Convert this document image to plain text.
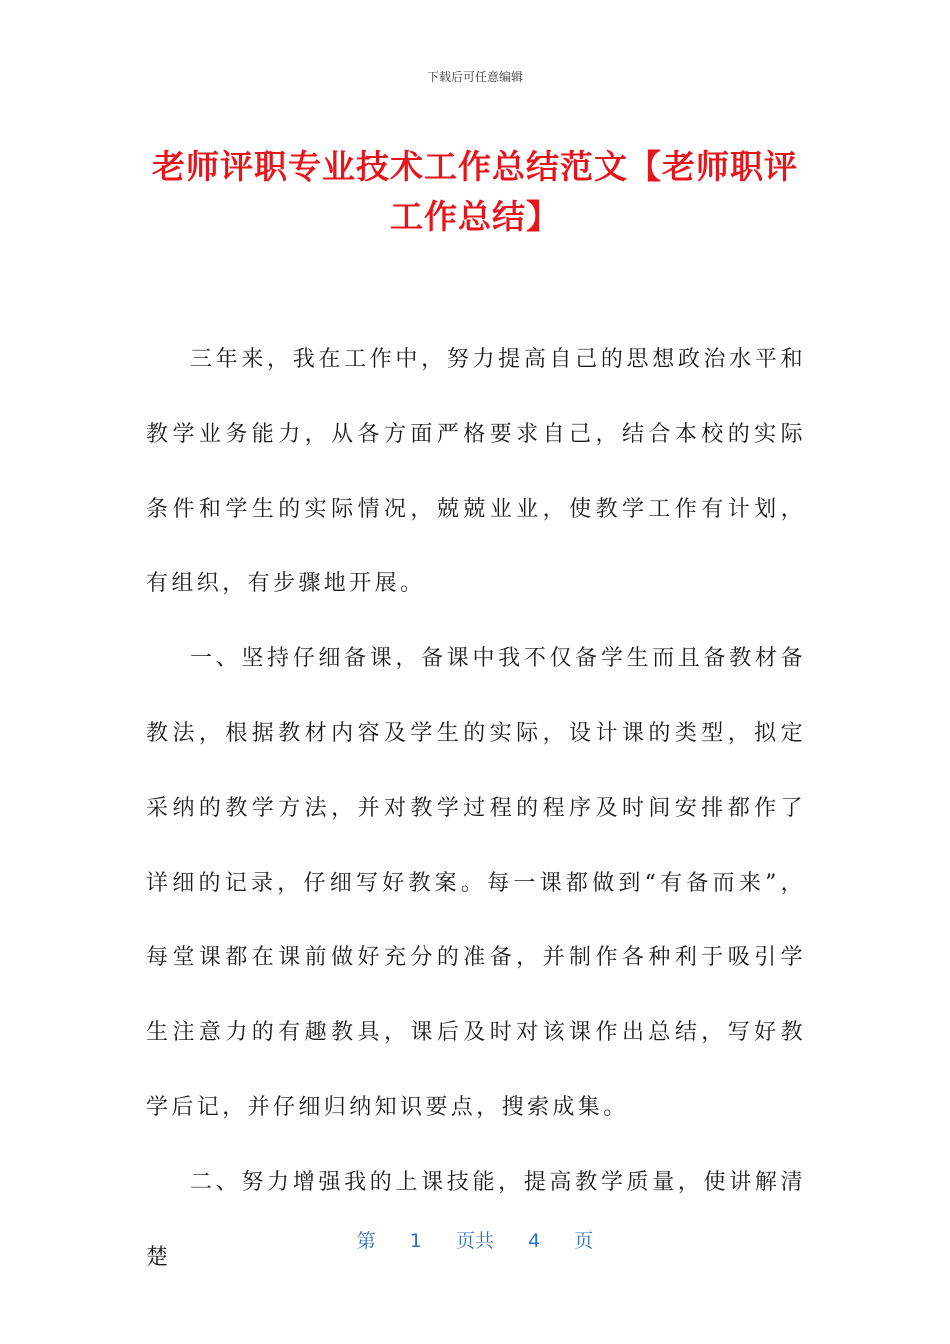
下载后可任意编辑
老师评职专业技术工作总结范文【老师职评工作总结】

三年来，我在工作中，努力提高自己的思想政治水平和教学业务能力，从各方面严格要求自己，结合本校的实际条件和学生的实际情况，兢兢业业，使教学工作有计划，有组织，有步骤地开展。

一、坚持仔细备课，备课中我不仅备学生而且备教材备教法，根据教材内容及学生的实际，设计课的类型，拟定采纳的教学方法，并对教学过程的程序及时间安排都作了详细的记录，仔细写好教案。每一课都做到“有备而来”，每堂课都在课前做好充分的准备，并制作各种利于吸引学生注意力的有趣教具，课后及时对该课作出总结，写好教学后记，并仔细归纳知识要点，搜索成集。

二、努力增强我的上课技能，提高教学质量，使讲解清楚

第 1 页共 4 页
